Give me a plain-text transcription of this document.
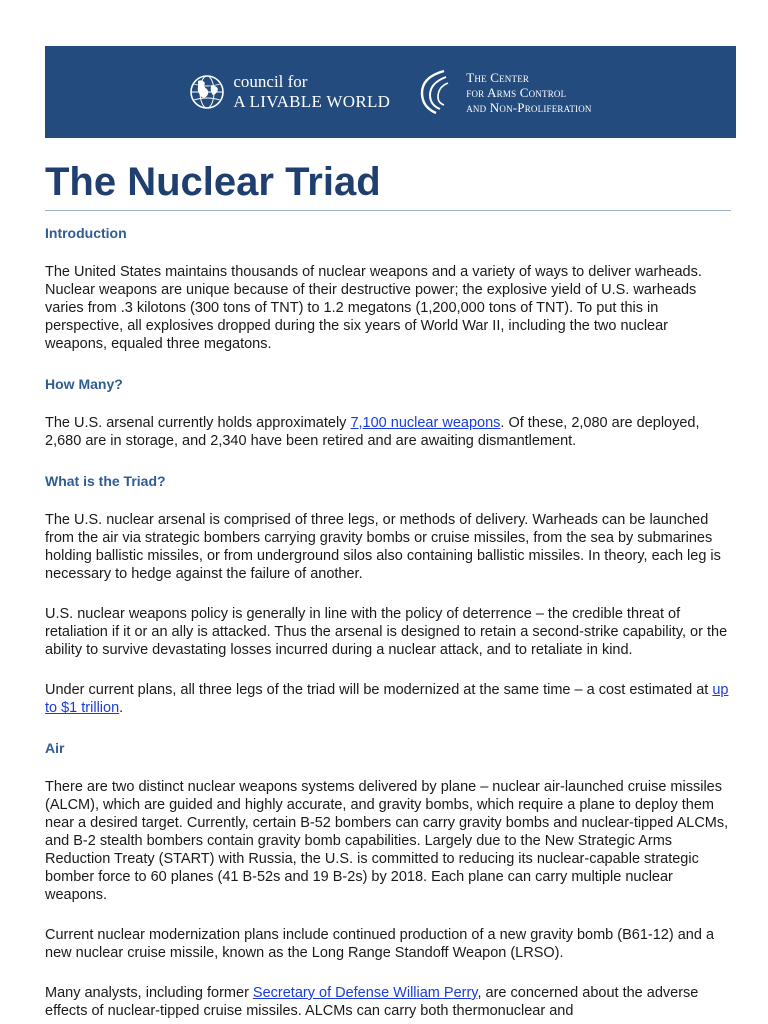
council for
A LIVABLE WORLD
The Center
for Arms Control
and Non-Proliferation
The Nuclear Triad
Introduction

The United States maintains thousands of nuclear weapons and a variety of ways to deliver warheads. Nuclear weapons are unique because of their destructive power; the explosive yield of U.S. warheads varies from .3 kilotons (300 tons of TNT) to 1.2 megatons (1,200,000 tons of TNT). To put this in perspective, all explosives dropped during the six years of World War II, including the two nuclear weapons, equaled three megatons.

How Many?

The U.S. arsenal currently holds approximately 7,100 nuclear weapons. Of these, 2,080 are deployed, 2,680 are in storage, and 2,340 have been retired and are awaiting dismantlement.

What is the Triad?

The U.S. nuclear arsenal is comprised of three legs, or methods of delivery. Warheads can be launched from the air via strategic bombers carrying gravity bombs or cruise missiles, from the sea by submarines holding ballistic missiles, or from underground silos also containing ballistic missiles. In theory, each leg is necessary to hedge against the failure of another.

U.S. nuclear weapons policy is generally in line with the policy of deterrence – the credible threat of retaliation if it or an ally is attacked. Thus the arsenal is designed to retain a second-strike capability, or the ability to survive devastating losses incurred during a nuclear attack, and to retaliate in kind.

Under current plans, all three legs of the triad will be modernized at the same time – a cost estimated at up to $1 trillion.

Air

There are two distinct nuclear weapons systems delivered by plane – nuclear air-launched cruise missiles (ALCM), which are guided and highly accurate, and gravity bombs, which require a plane to deploy them near a desired target. Currently, certain B-52 bombers can carry gravity bombs and nuclear-tipped ALCMs, and B-2 stealth bombers contain gravity bomb capabilities. Largely due to the New Strategic Arms Reduction Treaty (START) with Russia, the U.S. is committed to reducing its nuclear-capable strategic bomber force to 60 planes (41 B-52s and 19 B-2s) by 2018. Each plane can carry multiple nuclear weapons.

Current nuclear modernization plans include continued production of a new gravity bomb (B61-12) and a new nuclear cruise missile, known as the Long Range Standoff Weapon (LRSO).

Many analysts, including former Secretary of Defense William Perry, are concerned about the adverse effects of nuclear-tipped cruise missiles. ALCMs can carry both thermonuclear and
